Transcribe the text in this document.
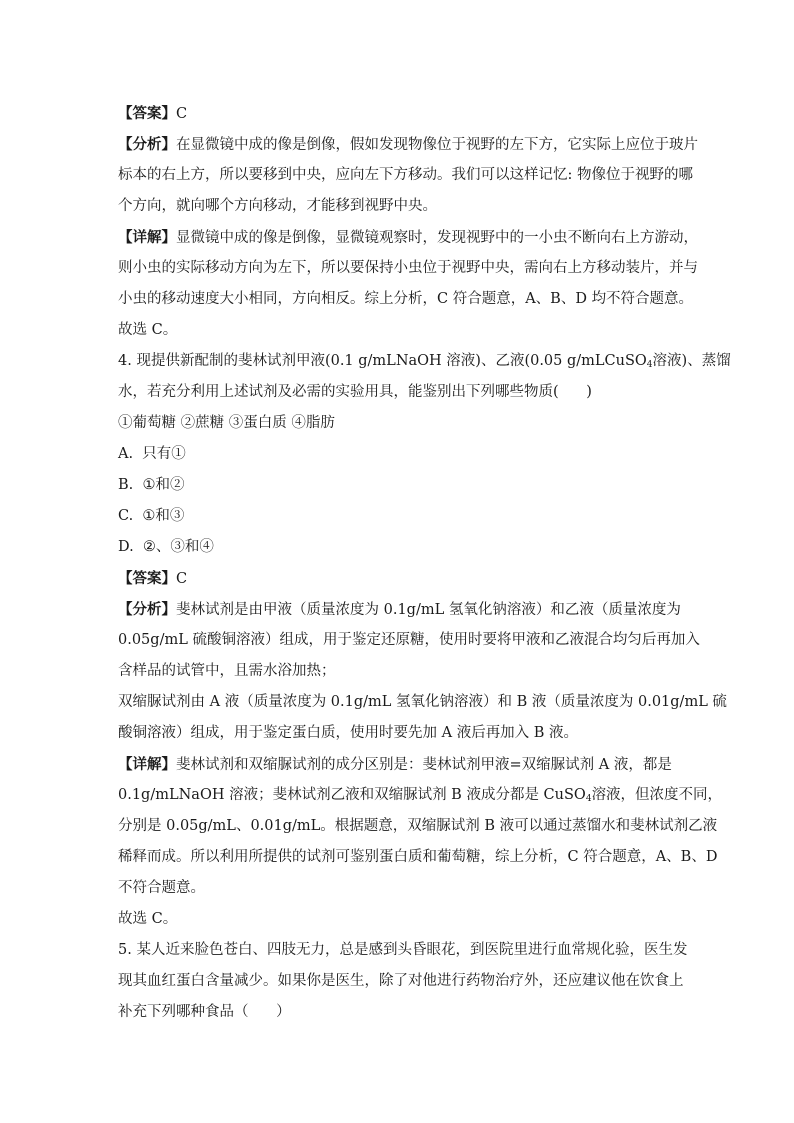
【答案】C
【分析】在显微镜中成的像是倒像，假如发现物像位于视野的左下方，它实际上应位于玻片
标本的右上方，所以要移到中央，应向左下方移动。我们可以这样记忆: 物像位于视野的哪
个方向，就向哪个方向移动，才能移到视野中央。
【详解】显微镜中成的像是倒像，显微镜观察时，发现视野中的一小虫不断向右上方游动，
则小虫的实际移动方向为左下，所以要保持小虫位于视野中央，需向右上方移动装片，并与
小虫的移动速度大小相同，方向相反。综上分析，C 符合题意，A、B、D 均不符合题意。
故选 C。
4. 现提供新配制的斐林试剂甲液(0.1 g/mLNaOH 溶液)、乙液(0.05 g/mLCuSO$_4$溶液)、蒸馏
水，若充分利用上述试剂及必需的实验用具，能鉴别出下列哪些物质(      )
①葡萄糖 ②蔗糖 ③蛋白质 ④脂肪
A.  只有①
B.  ①和②
C.  ①和③
D.  ②、③和④
【答案】C
【分析】斐林试剂是由甲液（质量浓度为 0.1g/mL 氢氧化钠溶液）和乙液（质量浓度为
0.05g/mL 硫酸铜溶液）组成，用于鉴定还原糖，使用时要将甲液和乙液混合均匀后再加入
含样品的试管中，且需水浴加热；
双缩脲试剂由 A 液（质量浓度为 0.1g/mL 氢氧化钠溶液）和 B 液（质量浓度为 0.01g/mL 硫
酸铜溶液）组成，用于鉴定蛋白质，使用时要先加 A 液后再加入 B 液。
【详解】斐林试剂和双缩脲试剂的成分区别是：斐林试剂甲液=双缩脲试剂 A 液，都是
0.1g/mLNaOH 溶液；斐林试剂乙液和双缩脲试剂 B 液成分都是 CuSO$_4$溶液，但浓度不同，
分别是 0.05g/mL、0.01g/mL。根据题意，双缩脲试剂 B 液可以通过蒸馏水和斐林试剂乙液
稀释而成。所以利用所提供的试剂可鉴别蛋白质和葡萄糖，综上分析，C 符合题意，A、B、D
不符合题意。
故选 C。
5. 某人近来脸色苍白、四肢无力，总是感到头昏眼花，到医院里进行血常规化验，医生发
现其血红蛋白含量减少。如果你是医生，除了对他进行药物治疗外，还应建议他在饮食上
补充下列哪种食品（      ）
